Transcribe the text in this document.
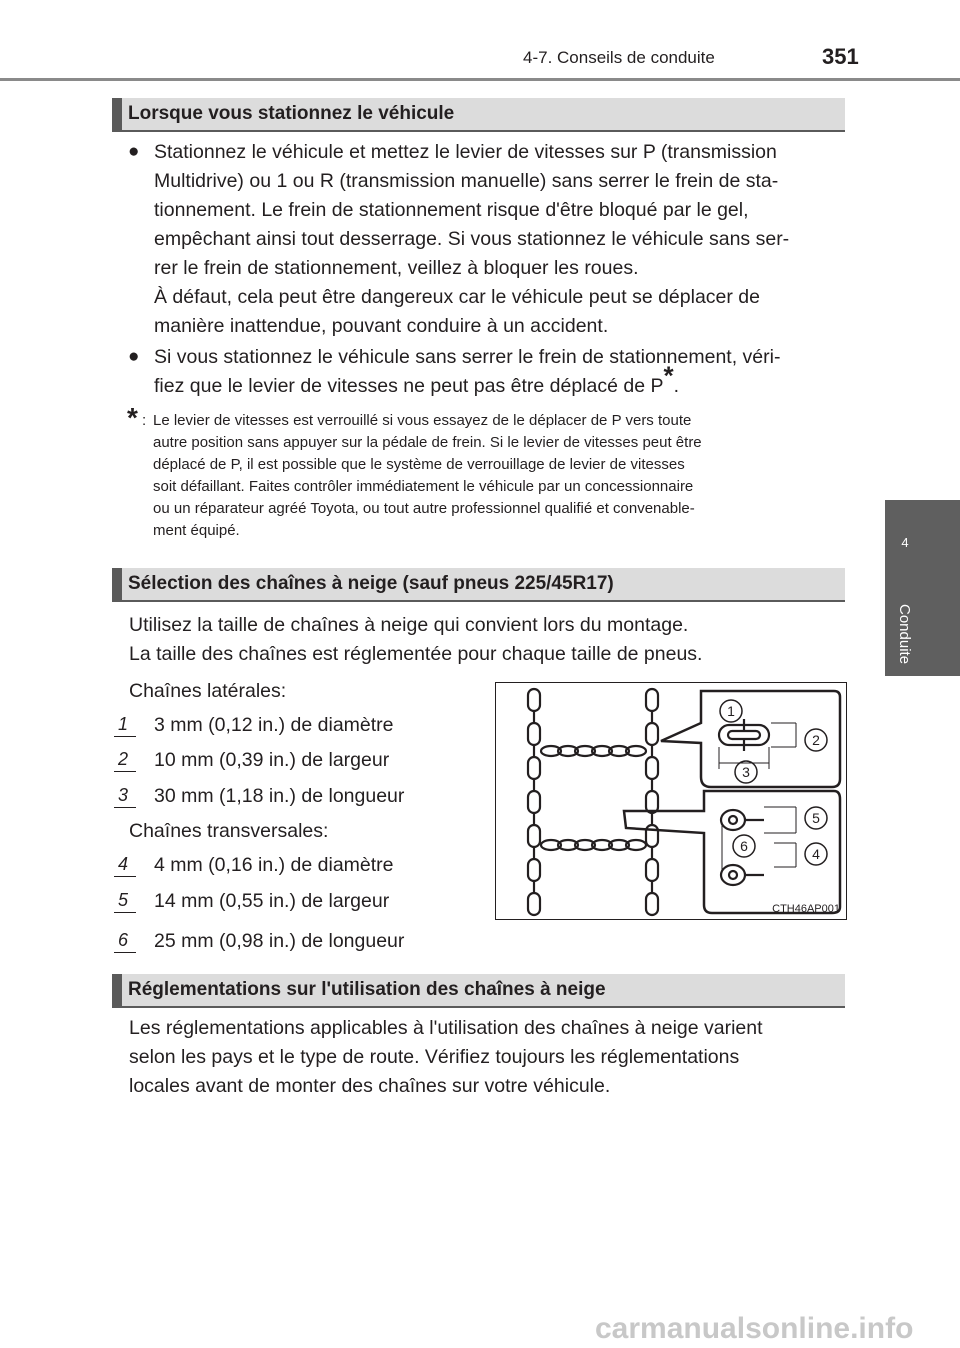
4-7. Conseils de conduite	351
4
Conduite
Lorsque vous stationnez le véhicule
● Stationnez le véhicule et mettez le levier de vitesses sur P (transmission
Multidrive) ou 1 ou R (transmission manuelle) sans serrer le frein de sta-
tionnement. Le frein de stationnement risque d'être bloqué par le gel,
empêchant ainsi tout desserrage. Si vous stationnez le véhicule sans ser-
rer le frein de stationnement, veillez à bloquer les roues.
À défaut, cela peut être dangereux car le véhicule peut se déplacer de
manière inattendue, pouvant conduire à un accident.
● Si vous stationnez le véhicule sans serrer le frein de stationnement, véri-
fiez que le levier de vitesses ne peut pas être déplacé de P*.
* : Le levier de vitesses est verrouillé si vous essayez de le déplacer de P vers toute
autre position sans appuyer sur la pédale de frein. Si le levier de vitesses peut être
déplacé de P, il est possible que le système de verrouillage de levier de vitesses
soit défaillant. Faites contrôler immédiatement le véhicule par un concessionnaire
ou un réparateur agréé Toyota, ou tout autre professionnel qualifié et convenable-
ment équipé.
Sélection des chaînes à neige (sauf pneus 225/45R17)
Utilisez la taille de chaînes à neige qui convient lors du montage.
La taille des chaînes est réglementée pour chaque taille de pneus.
Chaînes latérales:
1 3 mm (0,12 in.) de diamètre
2 10 mm (0,39 in.) de largeur
3 30 mm (1,18 in.) de longueur
Chaînes transversales:
4 4 mm (0,16 in.) de diamètre
5 14 mm (0,55 in.) de largeur
6 25 mm (0,98 in.) de longueur
1
2
3
5
6	4
CTH46AP001
Réglementations sur l'utilisation des chaînes à neige
Les réglementations applicables à l'utilisation des chaînes à neige varient
selon les pays et le type de route. Vérifiez toujours les réglementations
locales avant de monter des chaînes sur votre véhicule.
carmanualsonline.info
